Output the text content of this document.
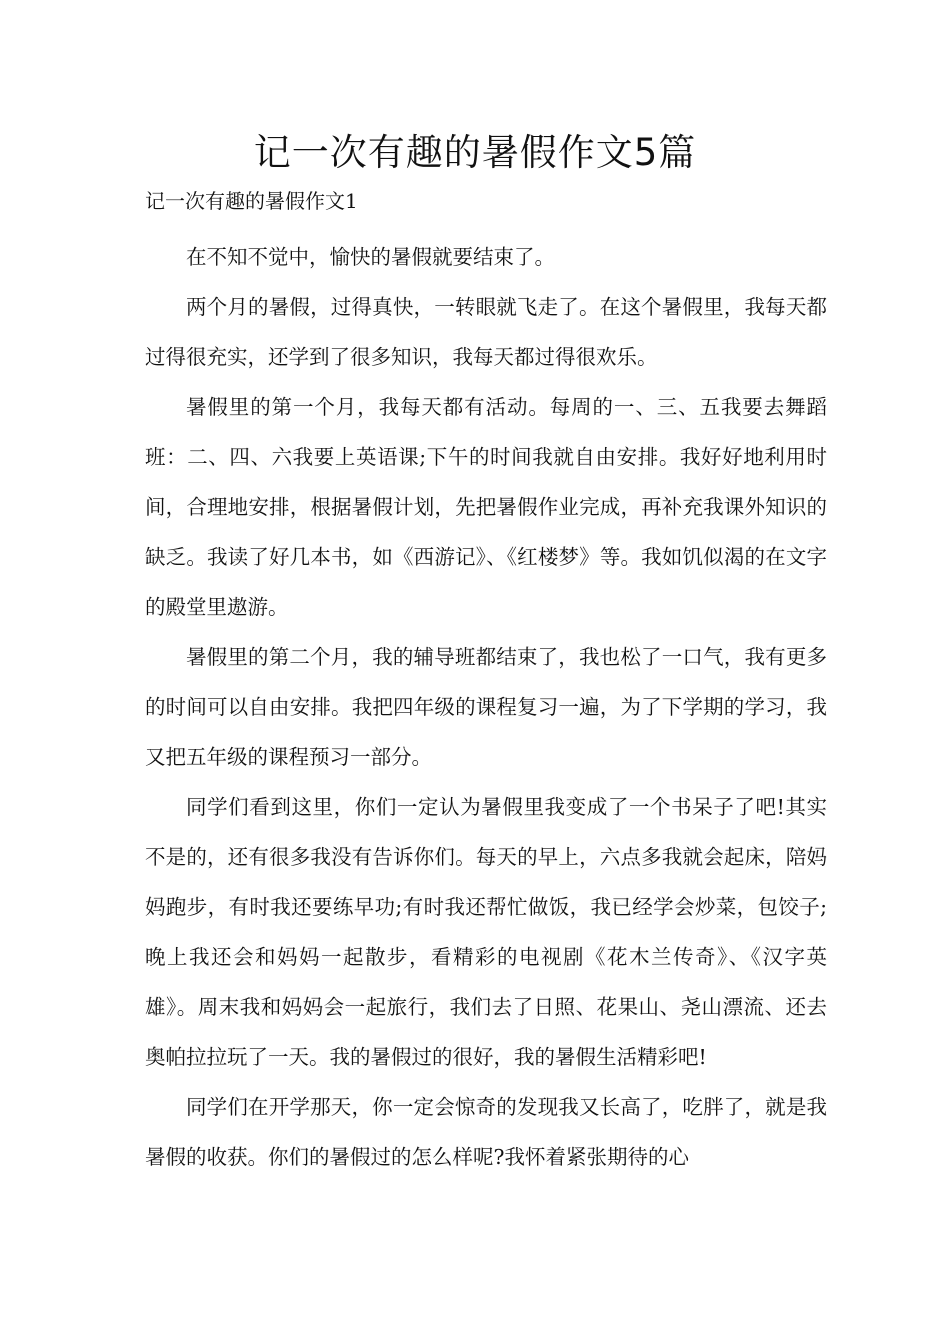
记一次有趣的暑假作文5篇
记一次有趣的暑假作文1

在不知不觉中，愉快的暑假就要结束了。

两个月的暑假，过得真快，一转眼就飞走了。在这个暑假里，我每天都过得很充实，还学到了很多知识，我每天都过得很欢乐。

暑假里的第一个月，我每天都有活动。每周的一、三、五我要去舞蹈班：二、四、六我要上英语课;下午的时间我就自由安排。我好好地利用时间，合理地安排，根据暑假计划，先把暑假作业完成，再补充我课外知识的缺乏。我读了好几本书，如《西游记》、《红楼梦》等。我如饥似渴的在文字的殿堂里遨游。

暑假里的第二个月，我的辅导班都结束了，我也松了一口气，我有更多的时间可以自由安排。我把四年级的课程复习一遍，为了下学期的学习，我又把五年级的课程预习一部分。

同学们看到这里，你们一定认为暑假里我变成了一个书呆子了吧!其实不是的，还有很多我没有告诉你们。每天的早上，六点多我就会起床，陪妈妈跑步，有时我还要练早功;有时我还帮忙做饭，我已经学会炒菜，包饺子;晚上我还会和妈妈一起散步，看精彩的电视剧《花木兰传奇》、《汉字英雄》。周末我和妈妈会一起旅行，我们去了日照、花果山、尧山漂流、还去奥帕拉拉玩了一天。我的暑假过的很好，我的暑假生活精彩吧!

同学们在开学那天，你一定会惊奇的发现我又长高了，吃胖了，就是我暑假的收获。你们的暑假过的怎么样呢?我怀着紧张期待的心
